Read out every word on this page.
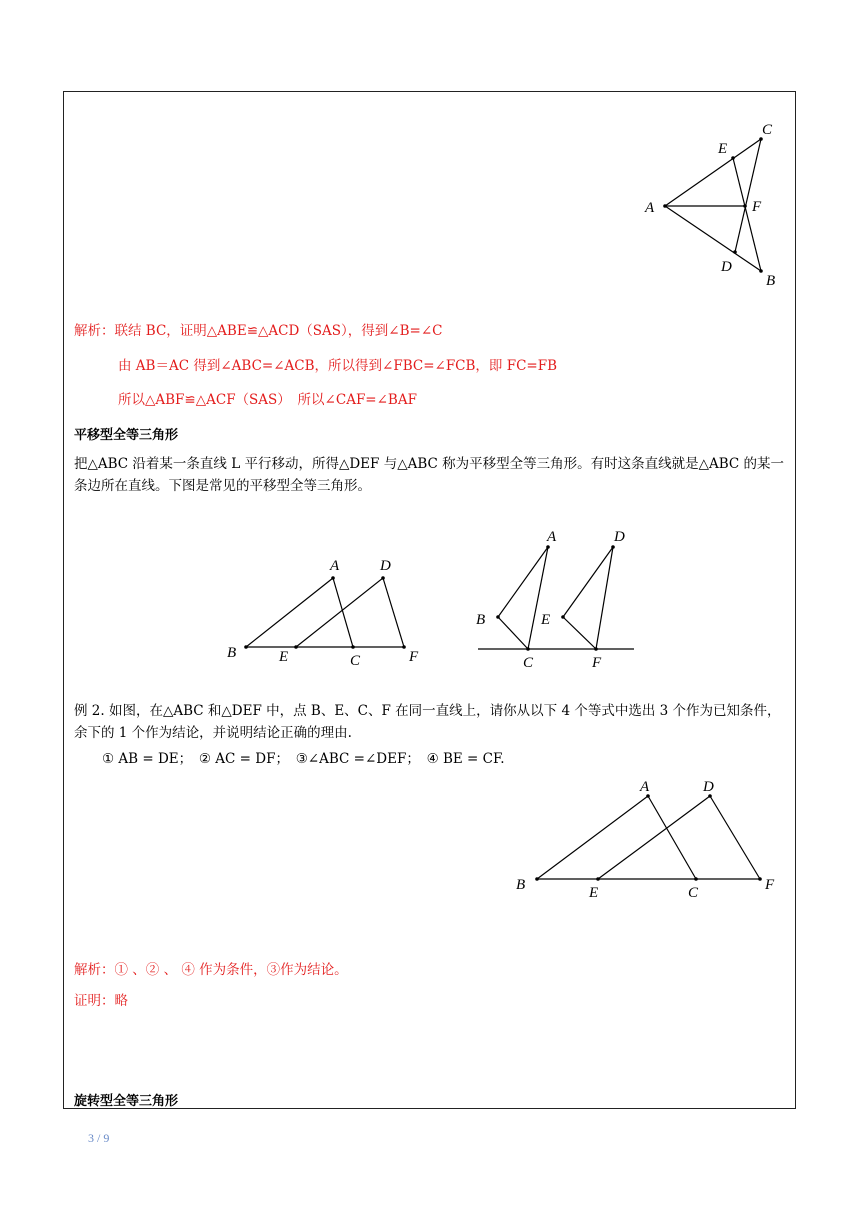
C
E
A	F
D
B
解析：联结 BC，证明△ABE≌△ACD（SAS），得到∠B=∠C
由 AB＝AC 得到∠ABC=∠ACB，所以得到∠FBC=∠FCB，即 FC=FB
所以△ABF≌△ACF（SAS）　所以∠CAF=∠BAF
平移型全等三角形
把△ABC 沿着某一条直线 L 平行移动，所得△DEF 与△ABC 称为平移型全等三角形。有时这条直线就是△ABC 的某一条边所在直线。下图是常见的平移型全等三角形。
A	D
B	E	C	F
A	D
B	E
C	F
例 2. 如图，在△ABC 和△DEF 中，点 B、E、C、F 在同一直线上，请你从以下 4 个等式中选出 3 个作为已知条件，余下的 1 个作为结论，并说明结论正确的理由.
① AB = DE；　② AC = DF；　③∠ABC =∠DEF；　④ BE = CF.
A	D
B	E	C	F
解析：① 、② 、 ④ 作为条件，③作为结论。
证明：略
旋转型全等三角形
3 / 9
